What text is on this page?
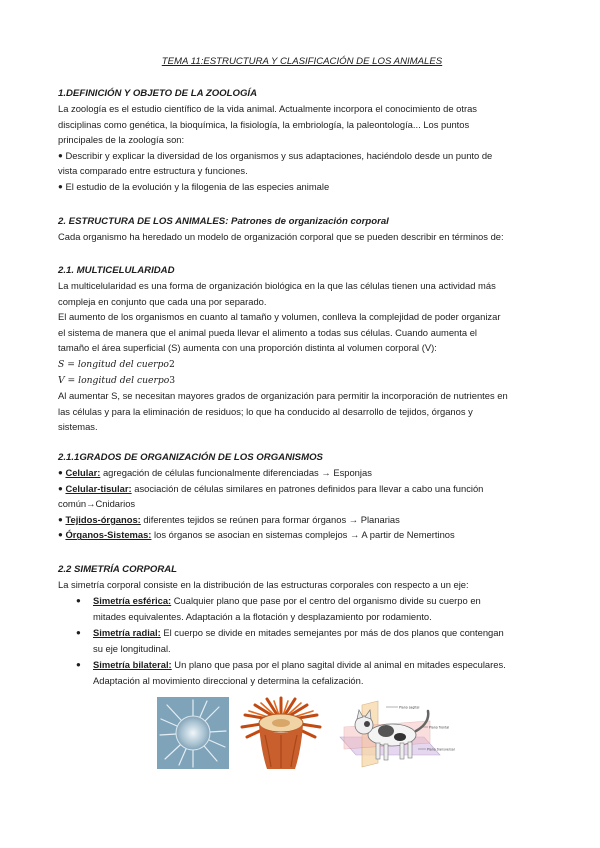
TEMA 11:ESTRUCTURA Y CLASIFICACIÓN DE LOS ANIMALES
1.DEFINICIÓN Y OBJETO DE LA ZOOLOGÍA
La zoología es el estudio científico de la vida animal. Actualmente incorpora el conocimiento de otras
disciplinas como genética, la bioquímica, la fisiología, la embriología, la paleontología... Los puntos
principales de la zoología son:
● Describir y explicar la diversidad de los organismos y sus adaptaciones, haciéndolo desde un punto de
vista comparado entre estructura y funciones.
● El estudio de la evolución y la filogenia de las especies animale
2. ESTRUCTURA DE LOS ANIMALES: Patrones de organización corporal
Cada organismo ha heredado un modelo de organización corporal que se pueden describir en términos de:
2.1. MULTICELULARIDAD
La multicelularidad es una forma de organización biológica en la que las células tienen una actividad más
compleja en conjunto que cada una por separado.
El aumento de los organismos en cuanto al tamaño y volumen, conlleva la complejidad de poder organizar
el sistema de manera que el animal pueda llevar el alimento a todas sus células. Cuando aumenta el
tamaño el área superficial (S) aumenta con una proporción distinta al volumen corporal (V):
S = longitud del cuerpo2
V = longitud del cuerpo3
Al aumentar S, se necesitan mayores grados de organización para permitir la incorporación de nutrientes en
las células y para la eliminación de residuos; lo que ha conducido al desarrollo de tejidos, órganos y
sistemas.
2.1.1GRADOS DE ORGANIZACIÓN DE LOS ORGANISMOS
● Celular: agregación de células funcionalmente diferenciadas → Esponjas
● Celular-tisular: asociación de células similares en patrones definidos para llevar a cabo una función
común→Cnidarios
● Tejidos-órganos: diferentes tejidos se reúnen para formar órganos → Planarias
● Órganos-Sistemas: los órganos se asocian en sistemas complejos → A partir de Nemertinos
2.2 SIMETRÍA CORPORAL
La simetría corporal consiste en la distribución de las estructuras corporales con respecto a un eje:
● Simetría esférica: Cualquier plano que pase por el centro del organismo divide su cuerpo en
mitades equivalentes. Adaptación a la flotación y desplazamiento por rodamiento.
● Simetría radial: El cuerpo se divide en mitades semejantes por más de dos planos que contengan
su eje longitudinal.
● Simetría bilateral: Un plano que pasa por el plano sagital divide al animal en mitades especulares.
Adaptación al movimiento direccional y determina la cefalización.
Plano sagital
Plano frontal
Plano transversal
